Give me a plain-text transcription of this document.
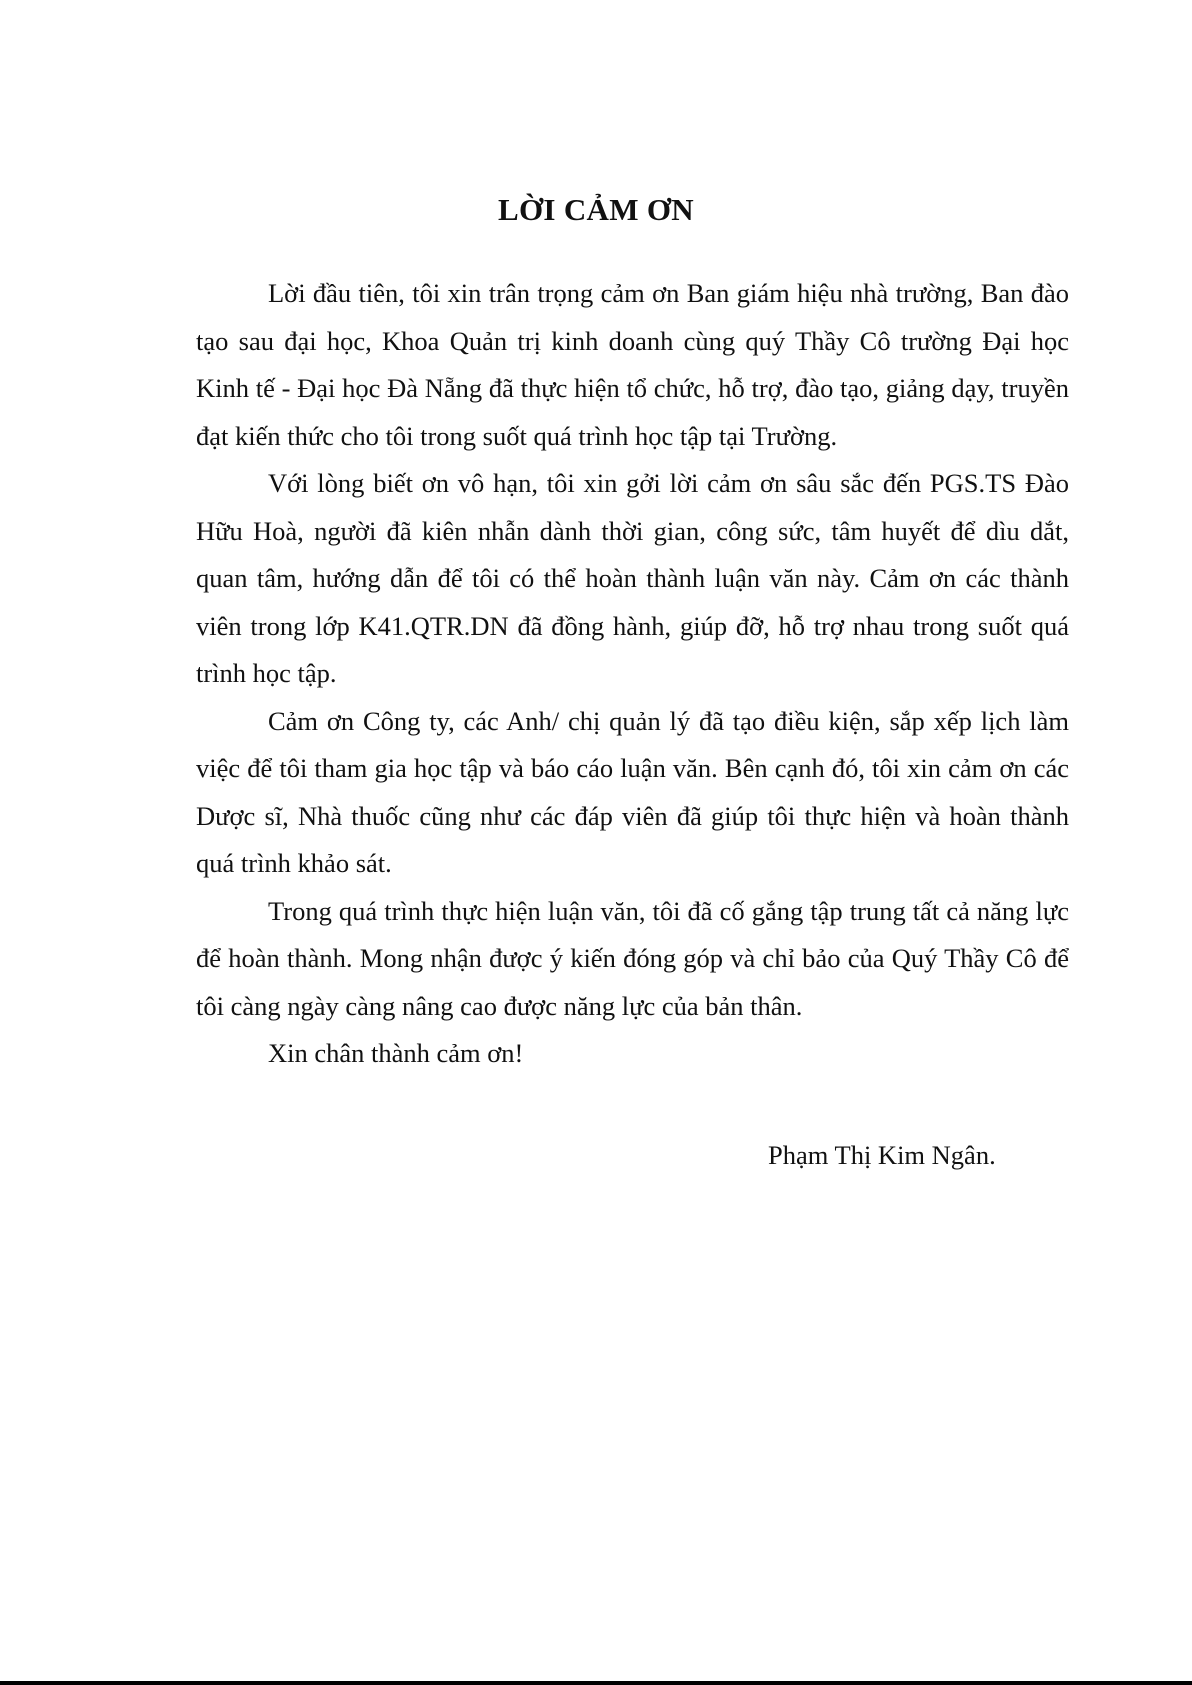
LỜI CẢM ƠN

Lời đầu tiên, tôi xin trân trọng cảm ơn Ban giám hiệu nhà trường, Ban đào tạo sau đại học, Khoa Quản trị kinh doanh cùng quý Thầy Cô trường Đại học Kinh tế - Đại học Đà Nẵng đã thực hiện tổ chức, hỗ trợ, đào tạo, giảng dạy, truyền đạt kiến thức cho tôi trong suốt quá trình học tập tại Trường.

Với lòng biết ơn vô hạn, tôi xin gởi lời cảm ơn sâu sắc đến PGS.TS Đào Hữu Hoà, người đã kiên nhẫn dành thời gian, công sức, tâm huyết để dìu dắt, quan tâm, hướng dẫn để tôi có thể hoàn thành luận văn này. Cảm ơn các thành viên trong lớp K41.QTR.DN đã đồng hành, giúp đỡ, hỗ trợ nhau trong suốt quá trình học tập.

Cảm ơn Công ty, các Anh/ chị quản lý đã tạo điều kiện, sắp xếp lịch làm việc để tôi tham gia học tập và báo cáo luận văn. Bên cạnh đó, tôi xin cảm ơn các Dược sĩ, Nhà thuốc cũng như các đáp viên đã giúp tôi thực hiện và hoàn thành quá trình khảo sát.

Trong quá trình thực hiện luận văn, tôi đã cố gắng tập trung tất cả năng lực để hoàn thành. Mong nhận được ý kiến đóng góp và chỉ bảo của Quý Thầy Cô để tôi càng ngày càng nâng cao được năng lực của bản thân.

Xin chân thành cảm ơn!

Phạm Thị Kim Ngân.
